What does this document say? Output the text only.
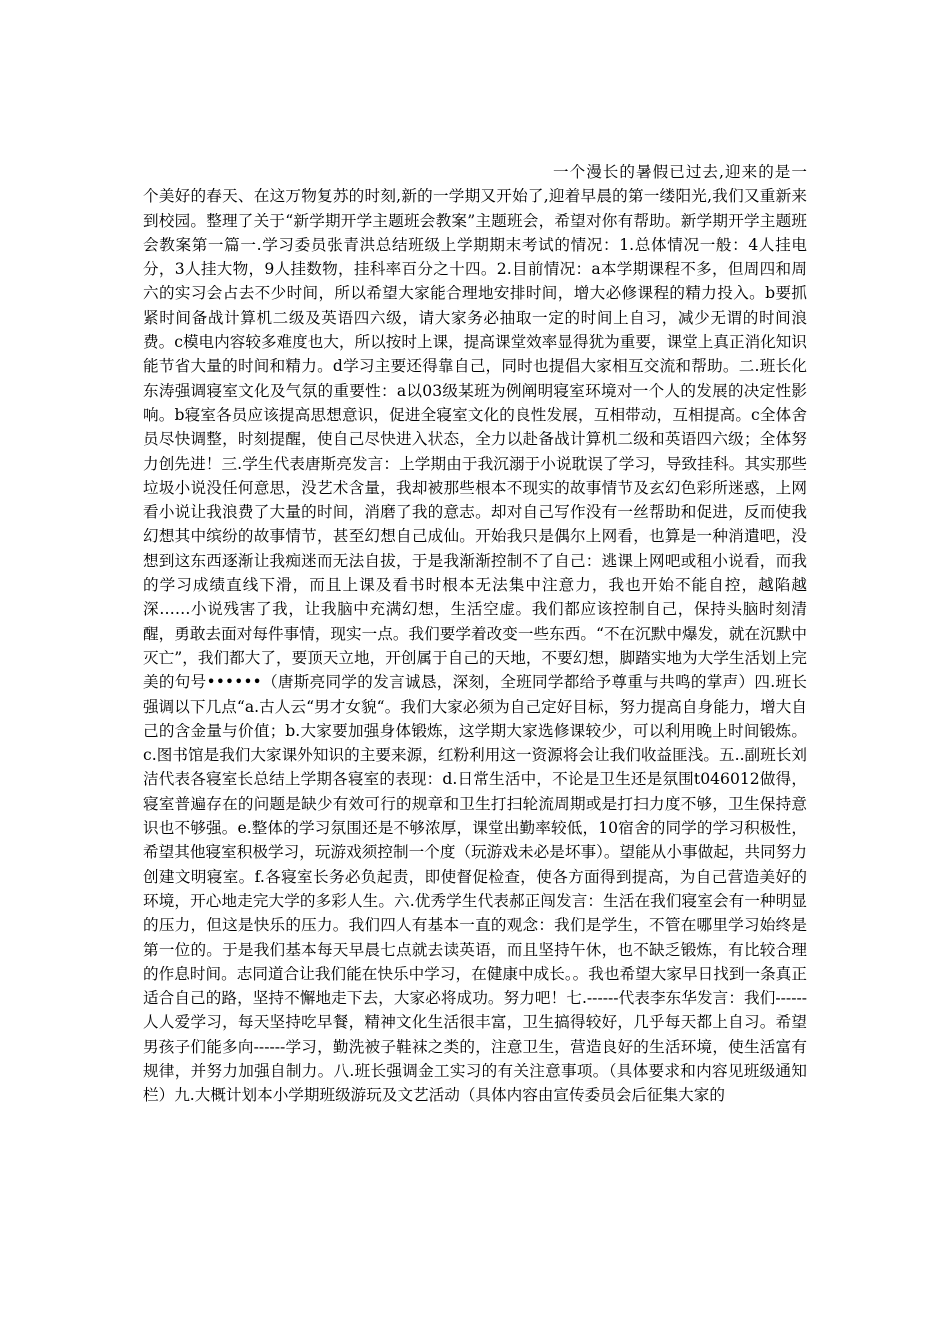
一个漫长的暑假已过去,迎来的是一个美好的春天、在这万物复苏的时刻,新的一学期又开始了,迎着早晨的第一缕阳光,我们又重新来到校园。整理了关于“新学期开学主题班会教案”主题班会，希望对你有帮助。新学期开学主题班会教案第一篇一.学习委员张青洪总结班级上学期期末考试的情况：1.总体情况一般：4人挂电分，3人挂大物，9人挂数物，挂科率百分之十四。2.目前情况：a本学期课程不多，但周四和周六的实习会占去不少时间，所以希望大家能合理地安排时间，增大必修课程的精力投入。b要抓紧时间备战计算机二级及英语四六级，请大家务必抽取一定的时间上自习，减少无谓的时间浪费。c模电内容较多难度也大，所以按时上课，提高课堂效率显得犹为重要，课堂上真正消化知识能节省大量的时间和精力。d学习主要还得靠自己，同时也提倡大家相互交流和帮助。二.班长化东涛强调寝室文化及气氛的重要性：a以03级某班为例阐明寝室环境对一个人的发展的决定性影响。b寝室各员应该提高思想意识，促进全寝室文化的良性发展，互相带动，互相提高。c全体舍员尽快调整，时刻提醒，使自己尽快进入状态，全力以赴备战计算机二级和英语四六级；全体努力创先进！三.学生代表唐斯亮发言：上学期由于我沉溺于小说耽误了学习，导致挂科。其实那些垃圾小说没任何意思，没艺术含量，我却被那些根本不现实的故事情节及玄幻色彩所迷惑，上网看小说让我浪费了大量的时间，消磨了我的意志。却对自己写作没有一丝帮助和促进，反而使我幻想其中缤纷的故事情节，甚至幻想自己成仙。开始我只是偶尔上网看，也算是一种消遣吧，没想到这东西逐渐让我痴迷而无法自拔，于是我渐渐控制不了自己：逃课上网吧或租小说看，而我的学习成绩直线下滑，而且上课及看书时根本无法集中注意力，我也开始不能自控，越陷越深……小说残害了我，让我脑中充满幻想，生活空虚。我们都应该控制自己，保持头脑时刻清醒，勇敢去面对每件事情，现实一点。我们要学着改变一些东西。“不在沉默中爆发，就在沉默中灭亡”，我们都大了，要顶天立地，开创属于自己的天地，不要幻想，脚踏实地为大学生活划上完美的句号••••••（唐斯亮同学的发言诚恳，深刻，全班同学都给予尊重与共鸣的掌声）四.班长强调以下几点“a.古人云“男才女貌“。我们大家必须为自己定好目标，努力提高自身能力，增大自己的含金量与价值；b.大家要加强身体锻炼，这学期大家选修课较少，可以利用晚上时间锻炼。c.图书馆是我们大家课外知识的主要来源，红粉利用这一资源将会让我们收益匪浅。五..副班长刘洁代表各寝室长总结上学期各寝室的表现：d.日常生活中，不论是卫生还是氛围t046012做得，寝室普遍存在的问题是缺少有效可行的规章和卫生打扫轮流周期或是打扫力度不够，卫生保持意识也不够强。e.整体的学习氛围还是不够浓厚，课堂出勤率较低，10宿舍的同学的学习积极性，希望其他寝室积极学习，玩游戏须控制一个度（玩游戏未必是坏事）。望能从小事做起，共同努力创建文明寝室。f.各寝室长务必负起责，即使督促检查，使各方面得到提高，为自己营造美好的环境，开心地走完大学的多彩人生。六.优秀学生代表郝正闯发言：生活在我们寝室会有一种明显的压力，但这是快乐的压力。我们四人有基本一直的观念：我们是学生，不管在哪里学习始终是第一位的。于是我们基本每天早晨七点就去读英语，而且坚持午休，也不缺乏锻炼，有比较合理的作息时间。志同道合让我们能在快乐中学习，在健康中成长。。我也希望大家早日找到一条真正适合自己的路，坚持不懈地走下去，大家必将成功。努力吧！七.------代表李东华发言：我们------人人爱学习，每天坚持吃早餐，精神文化生活很丰富，卫生搞得较好，几乎每天都上自习。希望男孩子们能多向------学习，勤洗被子鞋袜之类的，注意卫生，营造良好的生活环境，使生活富有规律，并努力加强自制力。八.班长强调金工实习的有关注意事项。（具体要求和内容见班级通知栏）九.大概计划本小学期班级游玩及文艺活动（具体内容由宣传委员会后征集大家的
